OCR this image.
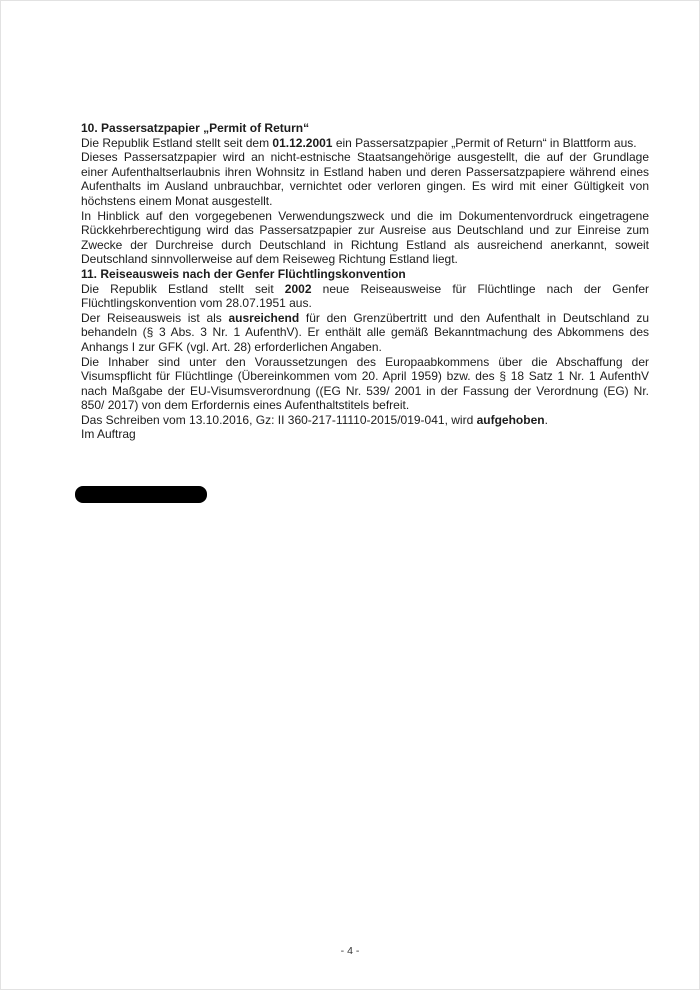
10. Passersatzpapier „Permit of Return“

Die Republik Estland stellt seit dem 01.12.2001 ein Passersatzpapier „Permit of Return“ in Blattform aus.

Dieses Passersatzpapier wird an nicht-estnische Staatsangehörige ausgestellt, die auf der Grundlage einer Aufenthaltserlaubnis ihren Wohnsitz in Estland haben und deren Passersatzpapiere während eines Aufenthalts im Ausland unbrauchbar, vernichtet oder verloren gingen. Es wird mit einer Gültigkeit von höchstens einem Monat ausgestellt.

In Hinblick auf den vorgegebenen Verwendungszweck und die im Dokumentenvordruck eingetragene Rückkehrberechtigung wird das Passersatzpapier zur Ausreise aus Deutschland und zur Einreise zum Zwecke der Durchreise durch Deutschland in Richtung Estland als ausreichend anerkannt, soweit Deutschland sinnvollerweise auf dem Reiseweg Richtung Estland liegt.

11. Reiseausweis nach der Genfer Flüchtlingskonvention

Die Republik Estland stellt seit 2002 neue Reiseausweise für Flüchtlinge nach der Genfer Flüchtlingskonvention vom 28.07.1951 aus.

Der Reiseausweis ist als ausreichend für den Grenzübertritt und den Aufenthalt in Deutschland zu behandeln (§ 3 Abs. 3 Nr. 1 AufenthV). Er enthält alle gemäß Bekanntmachung des Abkommens des Anhangs I zur GFK (vgl. Art. 28) erforderlichen Angaben.

Die Inhaber sind unter den Voraussetzungen des Europaabkommens über die Abschaffung der Visumspflicht für Flüchtlinge (Übereinkommen vom 20. April 1959) bzw. des § 18 Satz 1 Nr. 1 AufenthV nach Maßgabe der EU-Visumsverordnung ((EG Nr. 539/ 2001 in der Fassung der Verordnung (EG) Nr. 850/ 2017) von dem Erfordernis eines Aufenthaltstitels befreit.

Das Schreiben vom 13.10.2016, Gz: II 360-217-11110-2015/019-041, wird aufgehoben.

Im Auftrag

- 4 -
